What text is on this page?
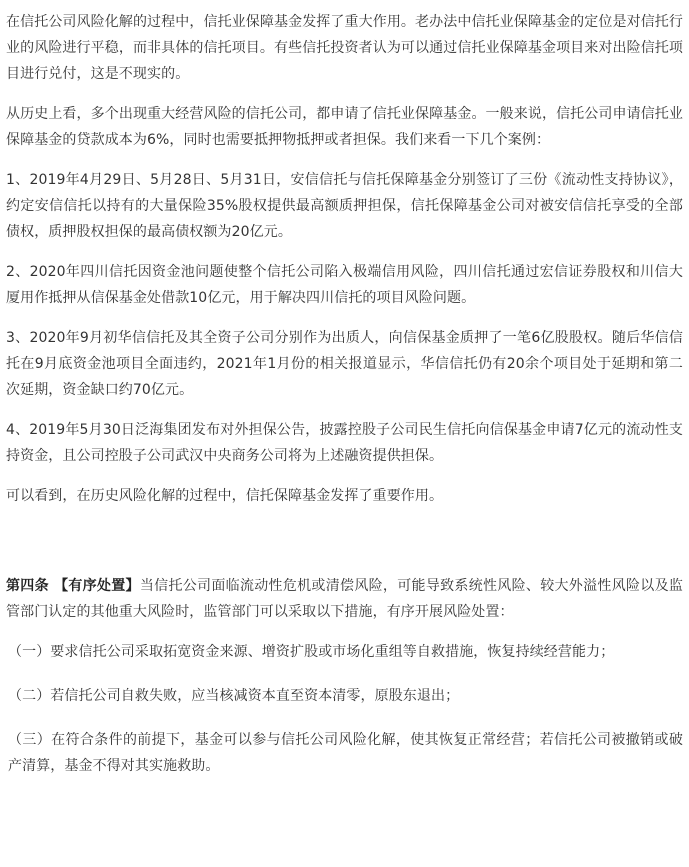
在信托公司风险化解的过程中，信托业保障基金发挥了重大作用。老办法中信托业保障基金的定位是对信托行业的风险进行平稳，而非具体的信托项目。有些信托投资者认为可以通过信托业保障基金项目来对出险信托项目进行兑付，这是不现实的。

从历史上看，多个出现重大经营风险的信托公司，都申请了信托业保障基金。一般来说，信托公司申请信托业保障基金的贷款成本为6%，同时也需要抵押物抵押或者担保。我们来看一下几个案例：

1、2019年4月29日、5月28日、5月31日，安信信托与信托保障基金分别签订了三份《流动性支持协议》，约定安信信托以持有的大量保险35%股权提供最高额质押担保，信托保障基金公司对被安信信托享受的全部债权，质押股权担保的最高债权额为20亿元。

2、2020年四川信托因资金池问题使整个信托公司陷入极端信用风险，四川信托通过宏信证券股权和川信大厦用作抵押从信保基金处借款10亿元，用于解决四川信托的项目风险问题。

3、2020年9月初华信信托及其全资子公司分别作为出质人，向信保基金质押了一笔6亿股股权。随后华信信托在9月底资金池项目全面违约，2021年1月份的相关报道显示，华信信托仍有20余个项目处于延期和第二次延期，资金缺口约70亿元。

4、2019年5月30日泛海集团发布对外担保公告，披露控股子公司民生信托向信保基金申请7亿元的流动性支持资金，且公司控股子公司武汉中央商务公司将为上述融资提供担保。

可以看到，在历史风险化解的过程中，信托保障基金发挥了重要作用。

第四条 【有序处置】当信托公司面临流动性危机或清偿风险，可能导致系统性风险、较大外溢性风险以及监管部门认定的其他重大风险时，监管部门可以采取以下措施，有序开展风险处置：

（一）要求信托公司采取拓宽资金来源、增资扩股或市场化重组等自救措施，恢复持续经营能力；

（二）若信托公司自救失败，应当核减资本直至资本清零，原股东退出；

（三）在符合条件的前提下，基金可以参与信托公司风险化解，使其恢复正常经营；若信托公司被撤销或破产清算，基金不得对其实施救助。
